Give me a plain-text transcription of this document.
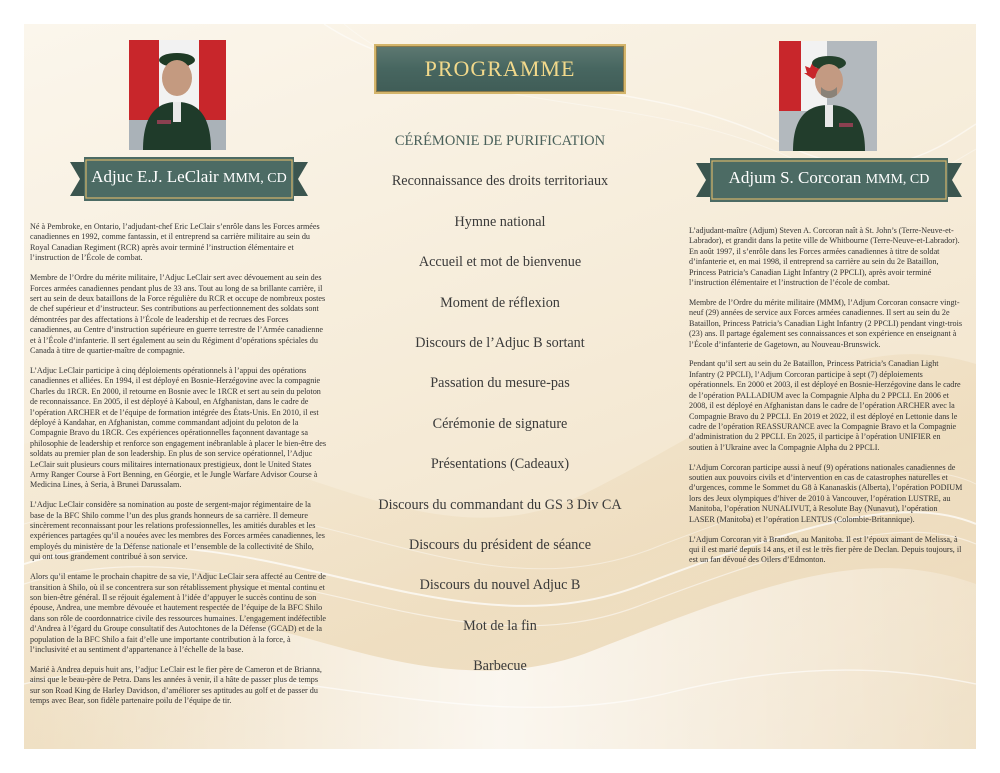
Adjuc E.J. LeClair MMM, CD

Né à Pembroke, en Ontario, l’adjudant-chef Eric LeClair s’enrôle dans les Forces armées canadiennes en 1992, comme fantassin, et il entreprend sa carrière militaire au sein du Royal Canadian Regiment (RCR) après avoir terminé l’instruction élémentaire et l’instruction de l’École de combat.

Membre de l’Ordre du mérite militaire, l’Adjuc LeClair sert avec dévouement au sein des Forces armées canadiennes pendant plus de 33 ans. Tout au long de sa brillante carrière, il sert au sein de deux bataillons de la Force régulière du RCR et occupe de nombreux postes de chef supérieur et d’instructeur. Ses contributions au perfectionnement des soldats sont démontrées par des affectations à l’École de leadership et de recrues des Forces canadiennes, au Centre d’instruction supérieure en guerre terrestre de l’Armée canadienne et à l’École d’infanterie. Il sert également au sein du Régiment d’opérations spéciales du Canada à titre de quartier-maître de compagnie.

L’Adjuc LeClair participe à cinq déploiements opérationnels à l’appui des opérations canadiennes et alliées. En 1994, il est déployé en Bosnie-Herzégovine avec la compagnie Charles du 1RCR. En 2000, il retourne en Bosnie avec le 1RCR et sert au sein du peloton de reconnaissance. En 2005, il est déployé à Kaboul, en Afghanistan, dans le cadre de l’opération ARCHER et de l’équipe de formation intégrée des États-Unis. En 2010, il est déployé à Kandahar, en Afghanistan, comme commandant adjoint du peloton de la Compagnie Bravo du 1RCR. Ces expériences opérationnelles façonnent davantage sa philosophie de leadership et renforce son engagement inébranlable à placer le bien-être des soldats au premier plan de son leadership. En plus de son service opérationnel, l’Adjuc LeClair suit plusieurs cours militaires internationaux prestigieux, dont le United States Army Ranger Course à Fort Benning, en Géorgie, et le Jungle Warfare Advisor Course à Medicina Lines, à Seria, à Brunei Darussalam.

L’Adjuc LeClair considère sa nomination au poste de sergent-major régimentaire de la base de la BFC Shilo comme l’un des plus grands honneurs de sa carrière. Il demeure sincèrement reconnaissant pour les relations professionnelles, les amitiés durables et les expériences partagées qu’il a nouées avec les membres des Forces armées canadiennes, les employés du ministère de la Défense nationale et l’ensemble de la collectivité de Shilo, qui ont tous grandement contribué à son service.

Alors qu’il entame le prochain chapitre de sa vie, l’Adjuc LeClair sera affecté au Centre de transition à Shilo, où il se concentrera sur son rétablissement physique et mental continu et son bien-être général. Il se réjouit également à l’idée d’appuyer le succès continu de son épouse, Andrea, une membre dévouée et hautement respectée de l’équipe de la BFC Shilo dans son rôle de coordonnatrice civile des ressources humaines. L’engagement indéfectible d’Andrea à l’égard du Groupe consultatif des Autochtones de la Défense (GCAD) et de la population de la BFC Shilo a fait d’elle une importante contribution à la force, à l’inclusivité et au sentiment d’appartenance à l’échelle de la base.

Marié à Andrea depuis huit ans, l’adjuc LeClair est le fier père de Cameron et de Brianna, ainsi que le beau-père de Petra. Dans les années à venir, il a hâte de passer plus de temps sur son Road King de Harley Davidson, d’améliorer ses aptitudes au golf et de passer du temps avec Bear, son fidèle partenaire poilu de l’équipe de tir.

PROGRAMME
CÉRÉMONIE DE PURIFICATION
Reconnaissance des droits territoriaux
Hymne national
Accueil et mot de bienvenue
Moment de réflexion
Discours de l’Adjuc B sortant
Passation du mesure-pas
Cérémonie de signature
Présentations (Cadeaux)
Discours du commandant du GS 3 Div CA
Discours du président de séance
Discours du nouvel Adjuc B
Mot de la fin
Barbecue
Adjum S. Corcoran MMM, CD

L’adjudant-maître (Adjum) Steven A. Corcoran naît à St. John’s (Terre-Neuve-et-Labrador), et grandit dans la petite ville de Whitbourne (Terre-Neuve-et-Labrador). En août 1997, il s’enrôle dans les Forces armées canadiennes à titre de soldat d’infanterie et, en mai 1998, il entreprend sa carrière au sein du 2e Bataillon, Princess Patricia’s Canadian Light Infantry (2 PPCLI), après avoir terminé l’instruction élémentaire et l’instruction de l’école de combat.

Membre de l’Ordre du mérite militaire (MMM), l’Adjum Corcoran consacre vingt-neuf (29) années de service aux Forces armées canadiennes. Il sert au sein du 2e Bataillon, Princess Patricia’s Canadian Light Infantry (2 PPCLI) pendant vingt-trois (23) ans. Il partage également ses connaissances et son expérience en enseignant à l’École d’infanterie de Gagetown, au Nouveau-Brunswick.

Pendant qu’il sert au sein du 2e Bataillon, Princess Patricia’s Canadian Light Infantry (2 PPCLI), l’Adjum Corcoran participe à sept (7) déploiements opérationnels. En 2000 et 2003, il est déployé en Bosnie-Herzégovine dans le cadre de l’opération PALLADIUM avec la Compagnie Alpha du 2 PPCLI. En 2006 et 2008, il est déployé en Afghanistan dans le cadre de l’opération ARCHER avec la Compagnie Bravo du 2 PPCLI. En 2019 et 2022, il est déployé en Lettonie dans le cadre de l’opération REASSURANCE avec la Compagnie Bravo et la Compagnie d’administration du 2 PPCLI. En 2025, il participe à l’opération UNIFIER en soutien à l’Ukraine avec la Compagnie Alpha du 2 PPCLI.

L’Adjum Corcoran participe aussi à neuf (9) opérations nationales canadiennes de soutien aux pouvoirs civils et d’intervention en cas de catastrophes naturelles et d’urgences, comme le Sommet du G8 à Kananaskis (Alberta), l’opération PODIUM lors des Jeux olympiques d’hiver de 2010 à Vancouver, l’opération LUSTRE, au Manitoba, l’opération NUNALIVUT, à Resolute Bay (Nunavut), l’opération LASER (Manitoba) et l’opération LENTUS (Colombie-Britannique).

L’Adjum Corcoran vit à Brandon, au Manitoba. Il est l’époux aimant de Melissa, à qui il est marié depuis 14 ans, et il est le très fier père de Declan. Depuis toujours, il est un fan dévoué des Oilers d’Edmonton.
